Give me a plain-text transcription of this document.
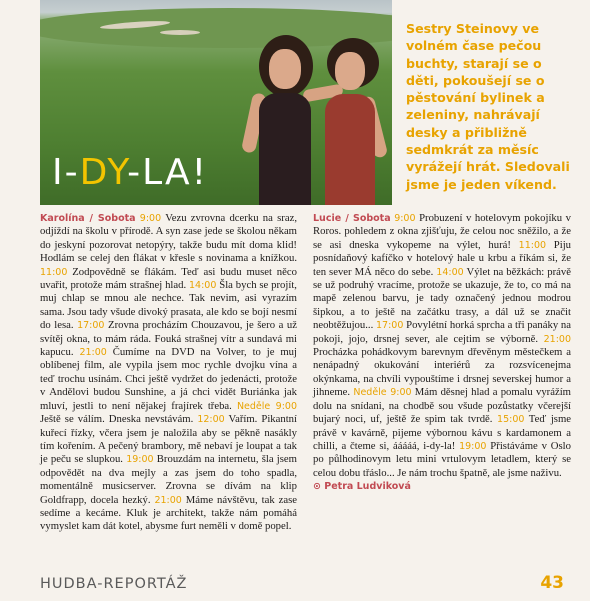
I-DY-LA!
Sestry Steinovy ve volném čase pečou buchty, starají se o děti, pokoušejí se o pěstování bylinek a zeleniny, nahrávají desky a přibližně sedmkrát za měsíc vyrážejí hrát. Sledovali jsme je jeden víkend.
Karolína / Sobota 9:00 Vezu zvrovna dcerku na sraz, odjíždí na školu v přírodě. A syn zase jede se školou někam do jeskyní pozorovat netopýry, takže budu mít doma klid! Hodlám se celej den flákat v křesle s novinama a knížkou. 11:00 Zodpovědně se flákám. Teď asi budu muset něco uvařit, protože mám strašnej hlad. 14:00 Šla bych se projít, muj chlap se mnou ale nechce. Tak nevim, asi vyrazím sama. Jsou tady všude divoký prasata, ale kdo se bojí nesmí do lesa. 17:00 Zrovna procházím Chouzavou, je šero a už svítěj okna, to mám ráda. Fouká strašnej vítr a sundavá mi kapucu. 21:00 Čumíme na DVD na Volver, to je muj oblíbenej film, ale vypila jsem moc rychle dvojku vína a teď trochu usínám. Chci ještě vydržet do jedenácti, protože v Andělovi budou Sunshine, a já chci vidět Buriánka jak mluví, jestli to není nějakej frajírek třeba. Neděle 9:00 Ještě se válím. Dneska nevstávám. 12:00 Vařím. Pikantní kuřecí řízky, včera jsem je naložila aby se pěkně nasákly tím kořením. A pečený brambory, mě nebaví je loupat a tak je peču se slupkou. 19:00 Brouzdám na internetu, šla jsem odpovědět na dva mejly a zas jsem do toho spadla, momentálně musicserver. Zrovna se dívám na klip Goldfrapp, docela hezký. 21:00 Máme návštěvu, tak zase sedíme a kecáme. Kluk je architekt, takže nám pomáhá vymyslet kam dát kotel, abysme furt neměli v domě popel.
Lucie / Sobota 9:00 Probuzení v hotelovym pokojíku v Roros. pohledem z okna zjišťuju, že celou noc sněžilo, a že se asi dneska vykopeme na výlet, hurá! 11:00 Piju posnídaňový kafíčko v hotelový hale u krbu a říkám si, že ten sever MÁ něco do sebe. 14:00 Výlet na běžkách: právě se už podruhý vracíme, protože se ukazuje, že to, co má na mapě zelenou barvu, je tady označený jednou modrou šipkou, a to ještě na začátku trasy, a dál už se značit neobtěžujou... 17:00 Povylétní horká sprcha a tři panáky na pokoji, jojo, drsnej sever, ale cejtim se výborně. 21:00 Procházka pohádkovym barevnym dřevěnym městečkem a nenápadný okukování interiérů za rozsvícenejma okýnkama, na chvíli vypouštíme i drsnej severskej humor a jihneme. Neděle 9:00 Mám děsnej hlad a pomalu vyrážím dolu na snídani, na chodbě sou všude pozůstatky včerejší bujarý noci, uf, ještě že spim tak tvrdě. 15:00 Teď jsme právě v kavárně, pijeme výbornou kávu s kardamonem a chilli, a čteme si, ááááá, i-dy-la! 19:00 Přistáváme v Oslo po půlhodinovym letu mini vrtulovym letadlem, který se celou dobu třáslo... Je nám trochu špatně, ale jsme naživu.
⊙ Petra Ludviková
HUDBA-REPORTÁŽ	43
